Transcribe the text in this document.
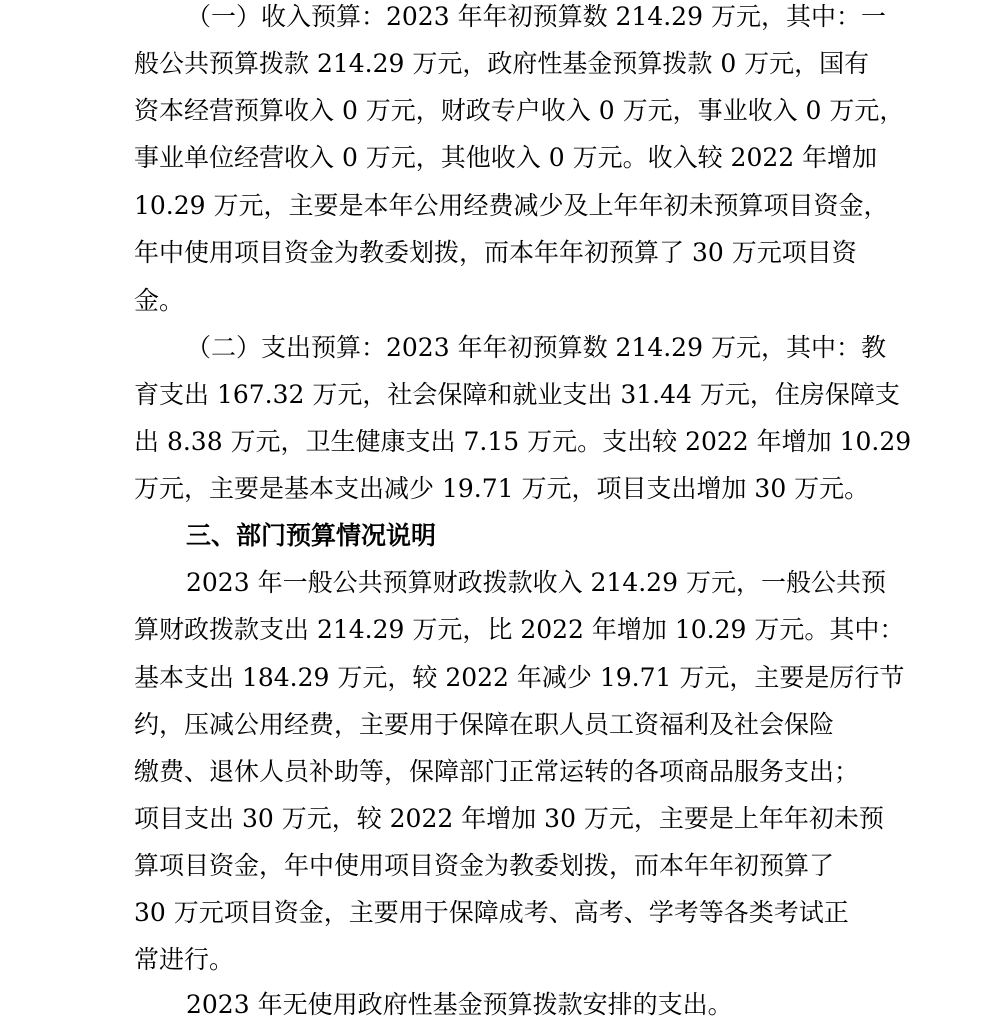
（一）收入预算：2023 年年初预算数 214.29 万元，其中：一

般公共预算拨款 214.29 万元，政府性基金预算拨款 0 万元，国有

资本经营预算收入 0 万元，财政专户收入 0 万元，事业收入 0 万元，

事业单位经营收入 0 万元，其他收入 0 万元。收入较 2022 年增加

10.29 万元，主要是本年公用经费减少及上年年初未预算项目资金，

年中使用项目资金为教委划拨，而本年年初预算了 30 万元项目资

金。

（二）支出预算：2023 年年初预算数 214.29 万元，其中：教

育支出 167.32 万元，社会保障和就业支出 31.44 万元，住房保障支

出 8.38 万元，卫生健康支出 7.15 万元。支出较 2022 年增加 10.29

万元，主要是基本支出减少 19.71 万元，项目支出增加 30 万元。

三、部门预算情况说明

2023 年一般公共预算财政拨款收入 214.29 万元，一般公共预

算财政拨款支出 214.29 万元，比 2022 年增加 10.29 万元。其中：

基本支出 184.29 万元，较 2022 年减少 19.71 万元，主要是厉行节

约，压减公用经费，主要用于保障在职人员工资福利及社会保险

缴费、退休人员补助等，保障部门正常运转的各项商品服务支出；

项目支出 30 万元，较 2022 年增加 30 万元，主要是上年年初未预

算项目资金，年中使用项目资金为教委划拨，而本年年初预算了

30 万元项目资金，主要用于保障成考、高考、学考等各类考试正

常进行。

2023 年无使用政府性基金预算拨款安排的支出。
